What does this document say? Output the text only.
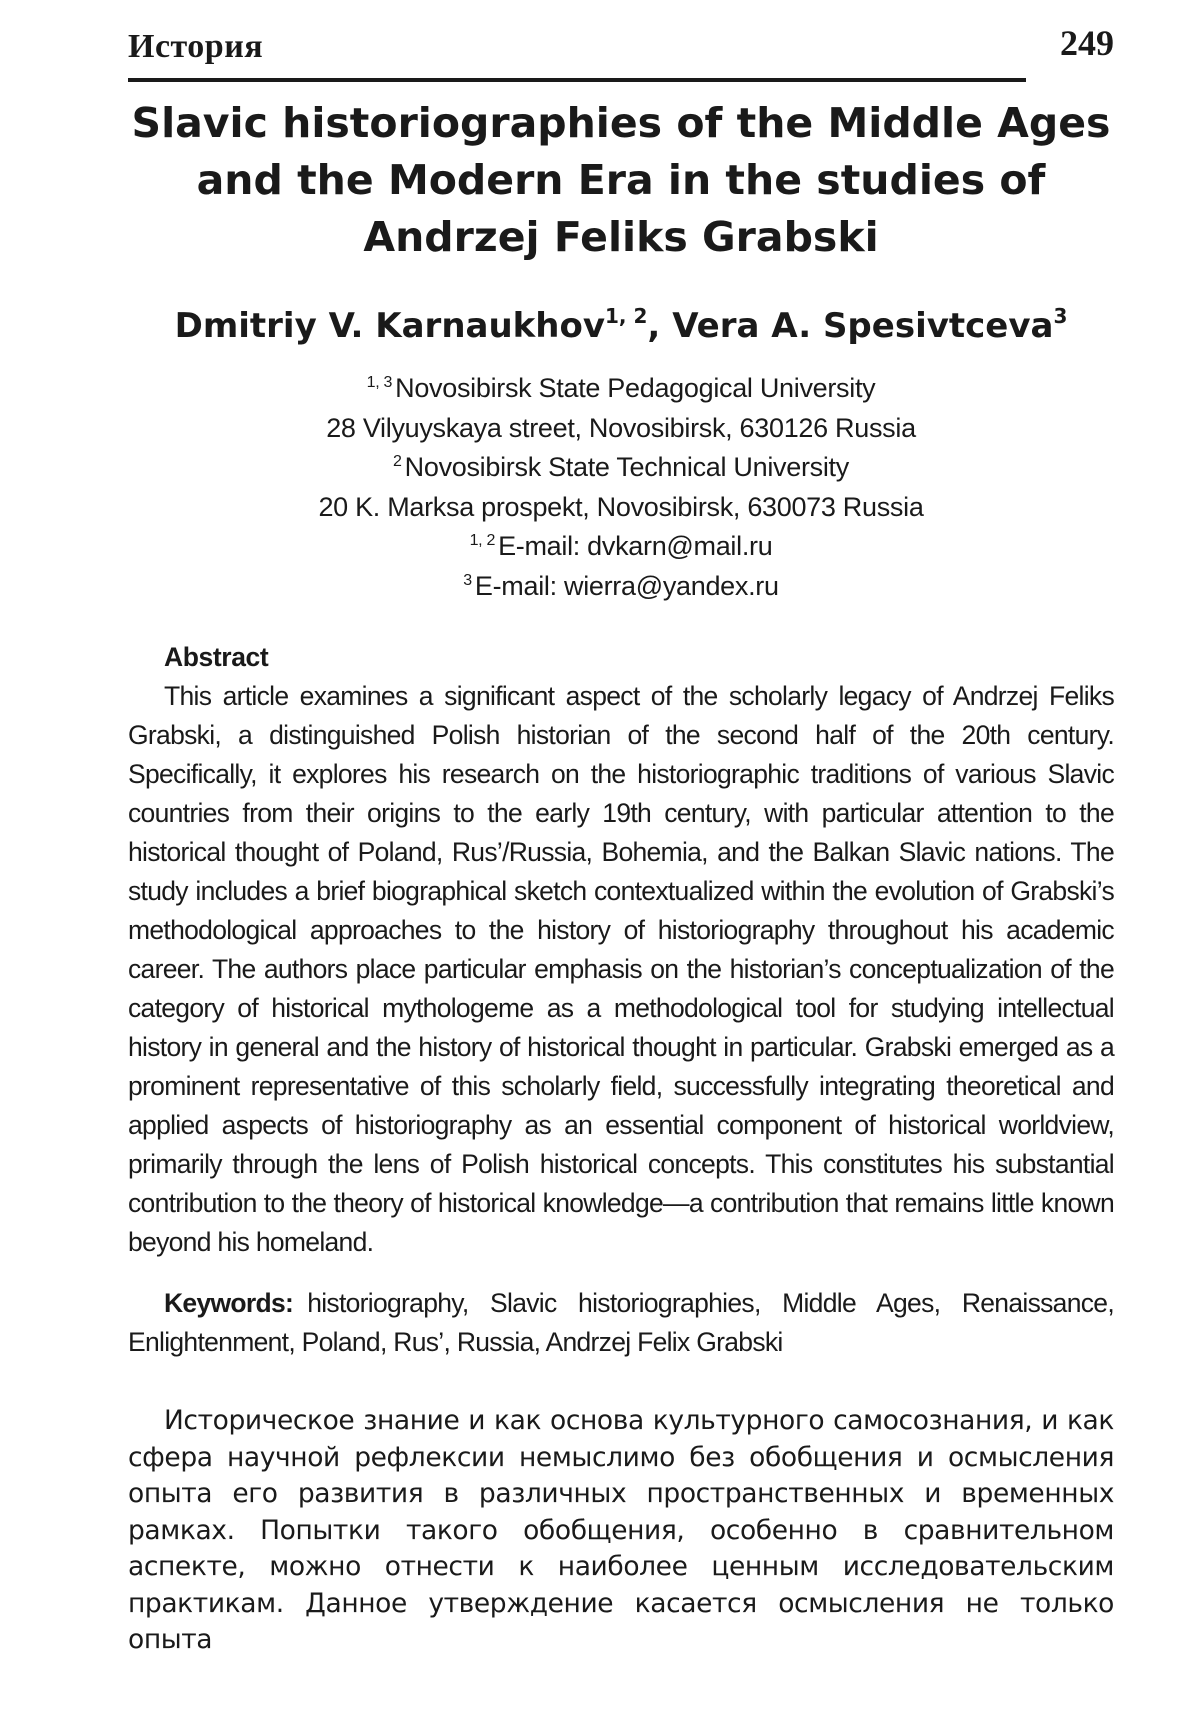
История	249
Slavic historiographies of the Middle Ages and the Modern Era in the studies of Andrzej Feliks Grabski
Dmitriy V. Karnaukhov$^{1, 2}$, Vera A. Spesivtceva$^3$
$^{1, 3}$ Novosibirsk State Pedagogical University
28 Vilyuyskaya street, Novosibirsk, 630126 Russia
$^2$ Novosibirsk State Technical University
20 K. Marksa prospekt, Novosibirsk, 630073 Russia
$^{1, 2}$ E-mail: dvkarn@mail.ru
$^3$ E-mail: wierra@yandex.ru
Abstract

This article examines a significant aspect of the scholarly legacy of Andrzej Feliks Grabski, a distinguished Polish historian of the second half of the 20th century. Specifically, it explores his research on the historiographic traditions of various Slavic countries from their origins to the early 19th century, with particular attention to the historical thought of Poland, Rus’/Russia, Bohemia, and the Balkan Slavic nations. The study includes a brief biographical sketch contextualized within the evolution of Grabski’s methodological approaches to the history of historiography throughout his academic career. The authors place particular emphasis on the historian’s conceptualization of the category of historical mythologeme as a methodological tool for studying intellectual history in general and the history of historical thought in particular. Grabski emerged as a prominent representative of this scholarly field, successfully integrating theoretical and applied aspects of historiography as an essential component of historical worldview, primarily through the lens of Polish historical concepts. This constitutes his substantial contribution to the theory of historical knowledge—a contribution that remains little known beyond his homeland.

Keywords: historiography, Slavic historiographies, Middle Ages, Renaissance, Enlightenment, Poland, Rus’, Russia, Andrzej Felix Grabski

Историческое знание и как основа культурного самосознания, и как сфера научной рефлексии немыслимо без обобщения и осмысления опыта его развития в различных пространственных и временных рамках. Попытки такого обобщения, особенно в сравнительном аспекте, можно отнести к наиболее ценным исследовательским практикам. Данное утверждение касается осмысления не только опыта
